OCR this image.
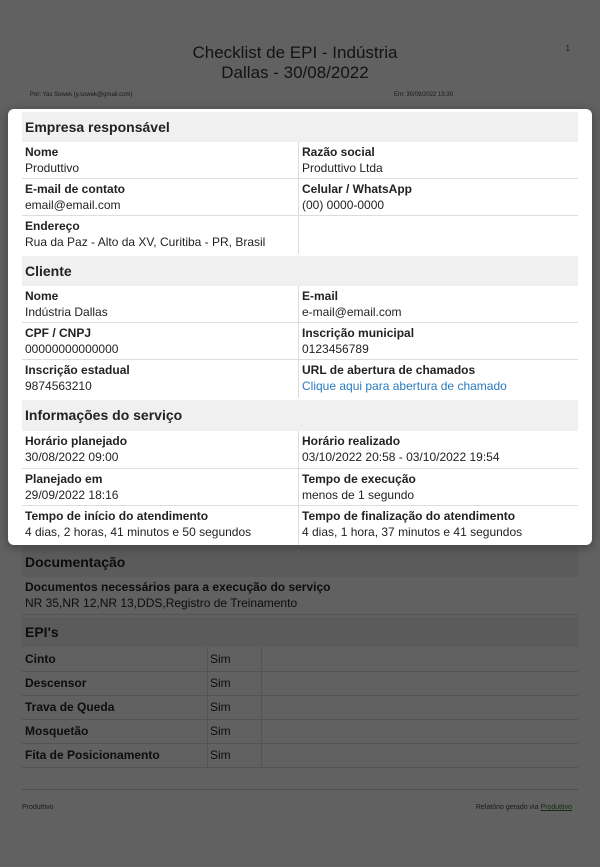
Empresa responsável
Nome
Produttivo
Razão social
Produttivo Ltda
E-mail de contato
email@email.com
Celular / WhatsApp
(00) 0000-0000
Endereço
Rua da Paz - Alto da XV, Curitiba - PR, Brasil
Cliente
Nome
Indústria Dallas
E-mail
e-mail@email.com
CPF / CNPJ
00000000000000
Inscrição municipal
0123456789
Inscrição estadual
9874563210
URL de abertura de chamados
Clique aqui para abertura de chamado
Informações do serviço
Horário planejado
30/08/2022 09:00
Horário realizado
03/10/2022 20:58 - 03/10/2022 19:54
Planejado em
29/09/2022 18:16
Tempo de execução
menos de 1 segundo
Tempo de início do atendimento
4 dias, 2 horas, 41 minutos e 50 segundos
Tempo de finalização do atendimento
4 dias, 1 hora, 37 minutos e 41 segundos
